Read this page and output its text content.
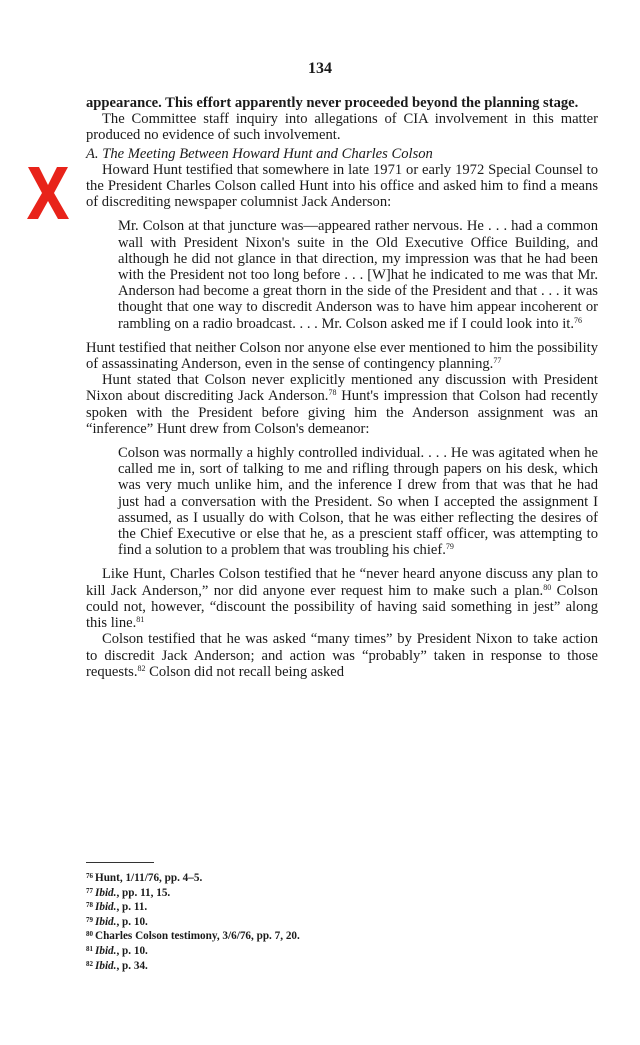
134

appearance. This effort apparently never proceeded beyond the planning stage.

The Committee staff inquiry into allegations of CIA involvement in this matter produced no evidence of such involvement.

A. The Meeting Between Howard Hunt and Charles Colson

Howard Hunt testified that somewhere in late 1971 or early 1972 Special Counsel to the President Charles Colson called Hunt into his office and asked him to find a means of discrediting newspaper columnist Jack Anderson:

Mr. Colson at that juncture was—appeared rather nervous. He . . . had a common wall with President Nixon's suite in the Old Executive Office Building, and although he did not glance in that direction, my impression was that he had been with the President not too long before . . . [W]hat he indicated to me was that Mr. Anderson had become a great thorn in the side of the President and that . . . it was thought that one way to discredit Anderson was to have him appear incoherent or rambling on a radio broadcast. . . . Mr. Colson asked me if I could look into it.$^{76}$

Hunt testified that neither Colson nor anyone else ever mentioned to him the possibility of assassinating Anderson, even in the sense of contingency planning.$^{77}$

Hunt stated that Colson never explicitly mentioned any discussion with President Nixon about discrediting Jack Anderson.$^{78}$ Hunt's impression that Colson had recently spoken with the President before giving him the Anderson assignment was an “inference” Hunt drew from Colson's demeanor:

Colson was normally a highly controlled individual. . . . He was agitated when he called me in, sort of talking to me and rifling through papers on his desk, which was very much unlike him, and the inference I drew from that was that he had just had a conversation with the President. So when I accepted the assignment I assumed, as I usually do with Colson, that he was either reflecting the desires of the Chief Executive or else that he, as a prescient staff officer, was attempting to find a solution to a problem that was troubling his chief.$^{79}$

Like Hunt, Charles Colson testified that he “never heard anyone discuss any plan to kill Jack Anderson,” nor did anyone ever request him to make such a plan.$^{80}$ Colson could not, however, “discount the possibility of having said something in jest” along this line.$^{81}$

Colson testified that he was asked “many times” by President Nixon to take action to discredit Jack Anderson; and action was “probably” taken in response to those requests.$^{82}$ Colson did not recall being asked

$^{76}$ Hunt, 1/11/76, pp. 4–5.
$^{77}$ Ibid., pp. 11, 15.
$^{78}$ Ibid., p. 11.
$^{79}$ Ibid., p. 10.
$^{80}$ Charles Colson testimony, 3/6/76, pp. 7, 20.
$^{81}$ Ibid., p. 10.
$^{82}$ Ibid., p. 34.
